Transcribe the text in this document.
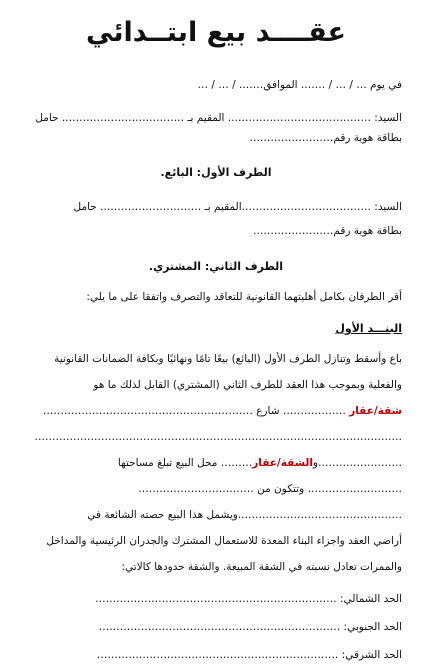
عقــــد بيع ابتــدائي
في يوم … / … / ……. الموافق……. / … / …
السيد: ………………………………….. المقيم بـ …………………………….. حامل
بطاقة هوية رقم……………………
الطرف الأول: البائع.
السيد: ……………………………….المقيم بـ ……………………….. حامل
بطاقة هوية رقم…………………..
الطرف الثاني: المشتري.
أقر الطرفان بكامل أهليتهما القانونية للتعاقد والتصرف واتفقا على ما يلي:
البنـــد الأول
باع وأسقط وتنازل الطرف الأول (البائع) بيعًا تامًا ونهائيًا وبكافة الضمانات القانونية
والفعلية وبموجب هذا العقد للطرف الثاني (المشتري) القابل لذلك ما هو
شقة/عقار ……………… شارع ……………………………………………………
……………………………………………………………………………………………
……………………والشقة/عقار……… محل البيع تبلغ مساحتها
……………………… وتتكون من ……………………………
………………………………………..ويشمل هذا البيع حصته الشائعة في
أراضي العقد واجزاء البناء المعدة للاستعمال المشترك والجدران الرئيسية والمداخل
والممرات تعادل نسبته في الشقة المبيعة. والشقة حدودها كالاتي:
الحد الشمالي: ……………………………………………………………
الحد الجنوبي: ……………………………………………………………
الحد الشرقي: ……………………………………………………………
